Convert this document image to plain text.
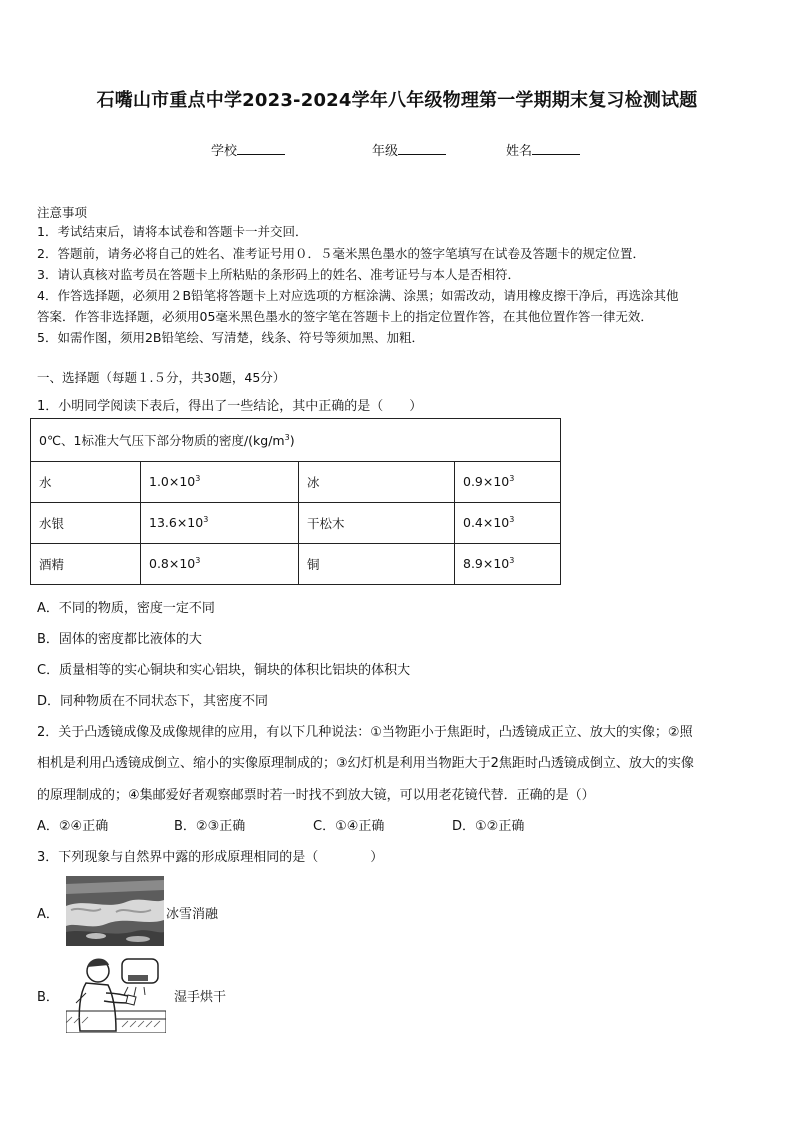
石嘴山市重点中学2023-2024学年八年级物理第一学期期末复习检测试题
学校	年级	姓名
注意事项
1．考试结束后，请将本试卷和答题卡一并交回．
2．答题前，请务必将自己的姓名、准考证号用０．５毫米黑色墨水的签字笔填写在试卷及答题卡的规定位置．
3．请认真核对监考员在答题卡上所粘贴的条形码上的姓名、准考证号与本人是否相符．
4．作答选择题，必须用２B铅笔将答题卡上对应选项的方框涂满、涂黑；如需改动，请用橡皮擦干净后，再选涂其他
答案．作答非选择题，必须用05毫米黑色墨水的签字笔在答题卡上的指定位置作答，在其他位置作答一律无效．
5．如需作图，须用2B铅笔绘、写清楚，线条、符号等须加黑、加粗．
一、选择题（每题１.５分，共30题，45分）
1．小明同学阅读下表后，得出了一些结论，其中正确的是（　　）
0℃、1标准大气压下部分物质的密度$/(kg/m^3)$			
水	$1.0\times 10^3$	冰	$0.9\times 10^3$
水银	$13.6\times 10^3$	干松木	$0.4\times 10^3$
酒精	$0.8\times 10^3$	铜	$8.9\times 10^3$
A．不同的物质，密度一定不同
B．固体的密度都比液体的大
C．质量相等的实心铜块和实心铝块，铜块的体积比铝块的体积大
D．同种物质在不同状态下，其密度不同
2．关于凸透镜成像及成像规律的应用，有以下几种说法：①当物距小于焦距时，凸透镜成正立、放大的实像；②照
相机是利用凸透镜成倒立、缩小的实像原理制成的；③幻灯机是利用当物距大于2焦距时凸透镜成倒立、放大的实像
的原理制成的；④集邮爱好者观察邮票时若一时找不到放大镜，可以用老花镜代替．正确的是（）
A．②④正确	B．②③正确	C．①④正确	D．①②正确
3．下列现象与自然界中露的形成原理相同的是（　　　　）
A．	冰雪消融
B．	湿手烘干
